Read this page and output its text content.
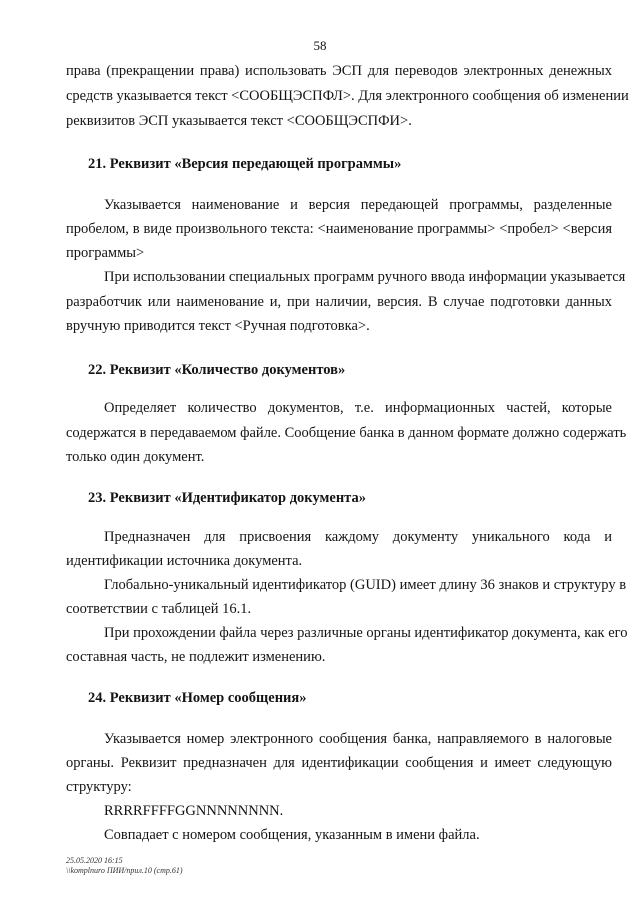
58
права (прекращении права) использовать ЭСП для переводов электронных денежных
средств указывается текст <СООБЩЭСПФЛ>. Для электронного сообщения об изменении
реквизитов ЭСП указывается текст <СООБЩЭСПФИ>.
21. Реквизит «Версия передающей программы»
Указывается наименование и версия передающей программы, разделенные
пробелом, в виде произвольного текста: <наименование программы> <пробел> <версия
программы>
При использовании специальных программ ручного ввода информации указывается
разработчик или наименование и, при наличии, версия. В случае подготовки данных
вручную приводится текст <Ручная подготовка>.
22. Реквизит «Количество документов»
Определяет количество документов, т.е. информационных частей, которые
содержатся в передаваемом файле. Сообщение банка в данном формате должно содержать
только один документ.
23. Реквизит «Идентификатор документа»
Предназначен для присвоения каждому документу уникального кода и
идентификации источника документа.
Глобально-уникальный идентификатор (GUID) имеет длину 36 знаков и структуру в
соответствии с таблицей 16.1.
При прохождении файла через различные органы идентификатор документа, как его
составная часть, не подлежит изменению.
24. Реквизит «Номер сообщения»
Указывается номер электронного сообщения банка, направляемого в налоговые
органы. Реквизит предназначен для идентификации сообщения и имеет следующую
структуру:
RRRRFFFFGGNNNNNNNN.
Совпадает с номером сообщения, указанным в имени файла.
25.05.2020 16:15
\\komplnuro ПИИ/прил.10 (стр.61)
